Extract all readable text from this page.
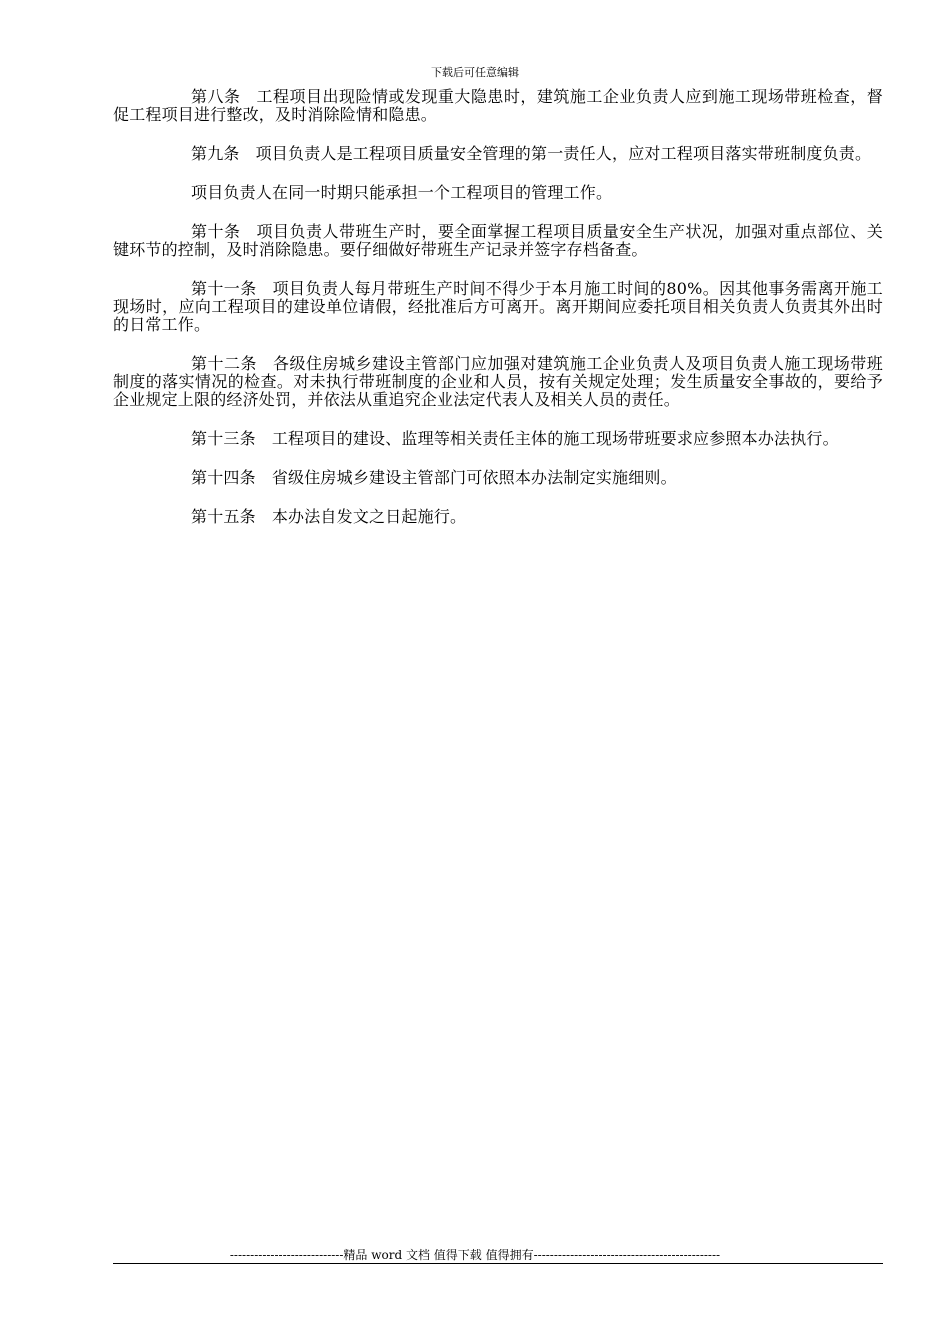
下载后可任意编辑

第八条 工程项目出现险情或发现重大隐患时，建筑施工企业负责人应到施工现场带班检查，督促工程项目进行整改，及时消除险情和隐患。

第九条 项目负责人是工程项目质量安全管理的第一责任人，应对工程项目落实带班制度负责。

项目负责人在同一时期只能承担一个工程项目的管理工作。

第十条 项目负责人带班生产时，要全面掌握工程项目质量安全生产状况，加强对重点部位、关键环节的控制，及时消除隐患。要仔细做好带班生产记录并签字存档备查。

第十一条 项目负责人每月带班生产时间不得少于本月施工时间的80%。因其他事务需离开施工现场时，应向工程项目的建设单位请假，经批准后方可离开。离开期间应委托项目相关负责人负责其外出时的日常工作。

第十二条 各级住房城乡建设主管部门应加强对建筑施工企业负责人及项目负责人施工现场带班制度的落实情况的检查。对未执行带班制度的企业和人员，按有关规定处理；发生质量安全事故的，要给予企业规定上限的经济处罚，并依法从重追究企业法定代表人及相关人员的责任。

第十三条 工程项目的建设、监理等相关责任主体的施工现场带班要求应参照本办法执行。

第十四条 省级住房城乡建设主管部门可依照本办法制定实施细则。

第十五条 本办法自发文之日起施行。

----------------------------精品 word 文档 值得下载 值得拥有----------------------------------------------
